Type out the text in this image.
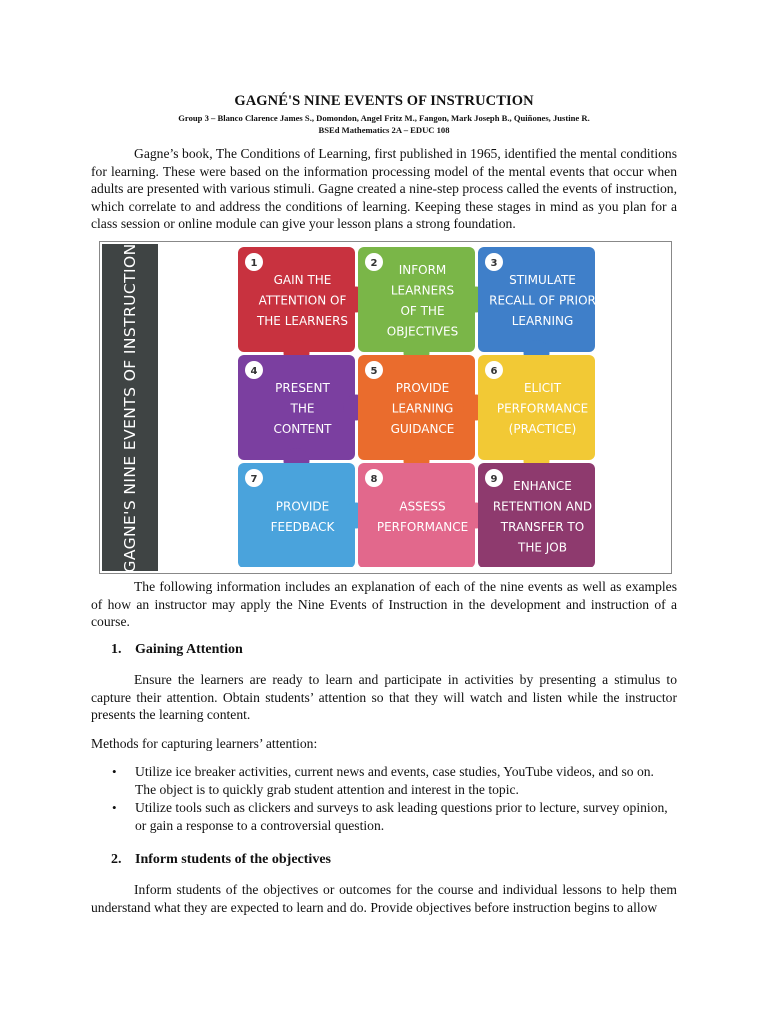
GAGNÉ'S NINE EVENTS OF INSTRUCTION
Group 3 – Blanco Clarence James S., Domondon, Angel Fritz M., Fangon, Mark Joseph B., Quiñones, Justine R.
BSEd Mathematics 2A – EDUC 108

Gagne’s book, The Conditions of Learning, first published in 1965, identified the mental conditions for learning. These were based on the information processing model of the mental events that occur when adults are presented with various stimuli. Gagne created a nine-step process called the events of instruction, which correlate to and address the conditions of learning. Keeping these stages in mind as you plan for a class session or online module can give your lesson plans a strong foundation.

GAGNE'S NINE EVENTS OF INSTRUCTION	1
GAIN THE ATTENTION OF THE LEARNERS
2	INFORM LEARNERS OF THE OBJECTIVES
3
STIMULATE RECALL OF PRIOR LEARNING
4
PRESENT THE CONTENT
5
PROVIDE LEARNING GUIDANCE
6
ELICIT PERFORMANCE (PRACTICE)
7
PROVIDE FEEDBACK
8
ASSESS PERFORMANCE
9	ENHANCE RETENTION AND TRANSFER TO THE JOB

The following information includes an explanation of each of the nine events as well as examples of how an instructor may apply the Nine Events of Instruction in the development and instruction of a course.

1. Gaining Attention

Ensure the learners are ready to learn and participate in activities by presenting a stimulus to capture their attention. Obtain students’ attention so that they will watch and listen while the instructor presents the learning content.

Methods for capturing learners’ attention:

• Utilize ice breaker activities, current news and events, case studies, YouTube videos, and so on. The object is to quickly grab student attention and interest in the topic.
• Utilize tools such as clickers and surveys to ask leading questions prior to lecture, survey opinion, or gain a response to a controversial question.
2. Inform students of the objectives

Inform students of the objectives or outcomes for the course and individual lessons to help them understand what they are expected to learn and do. Provide objectives before instruction begins to allow
